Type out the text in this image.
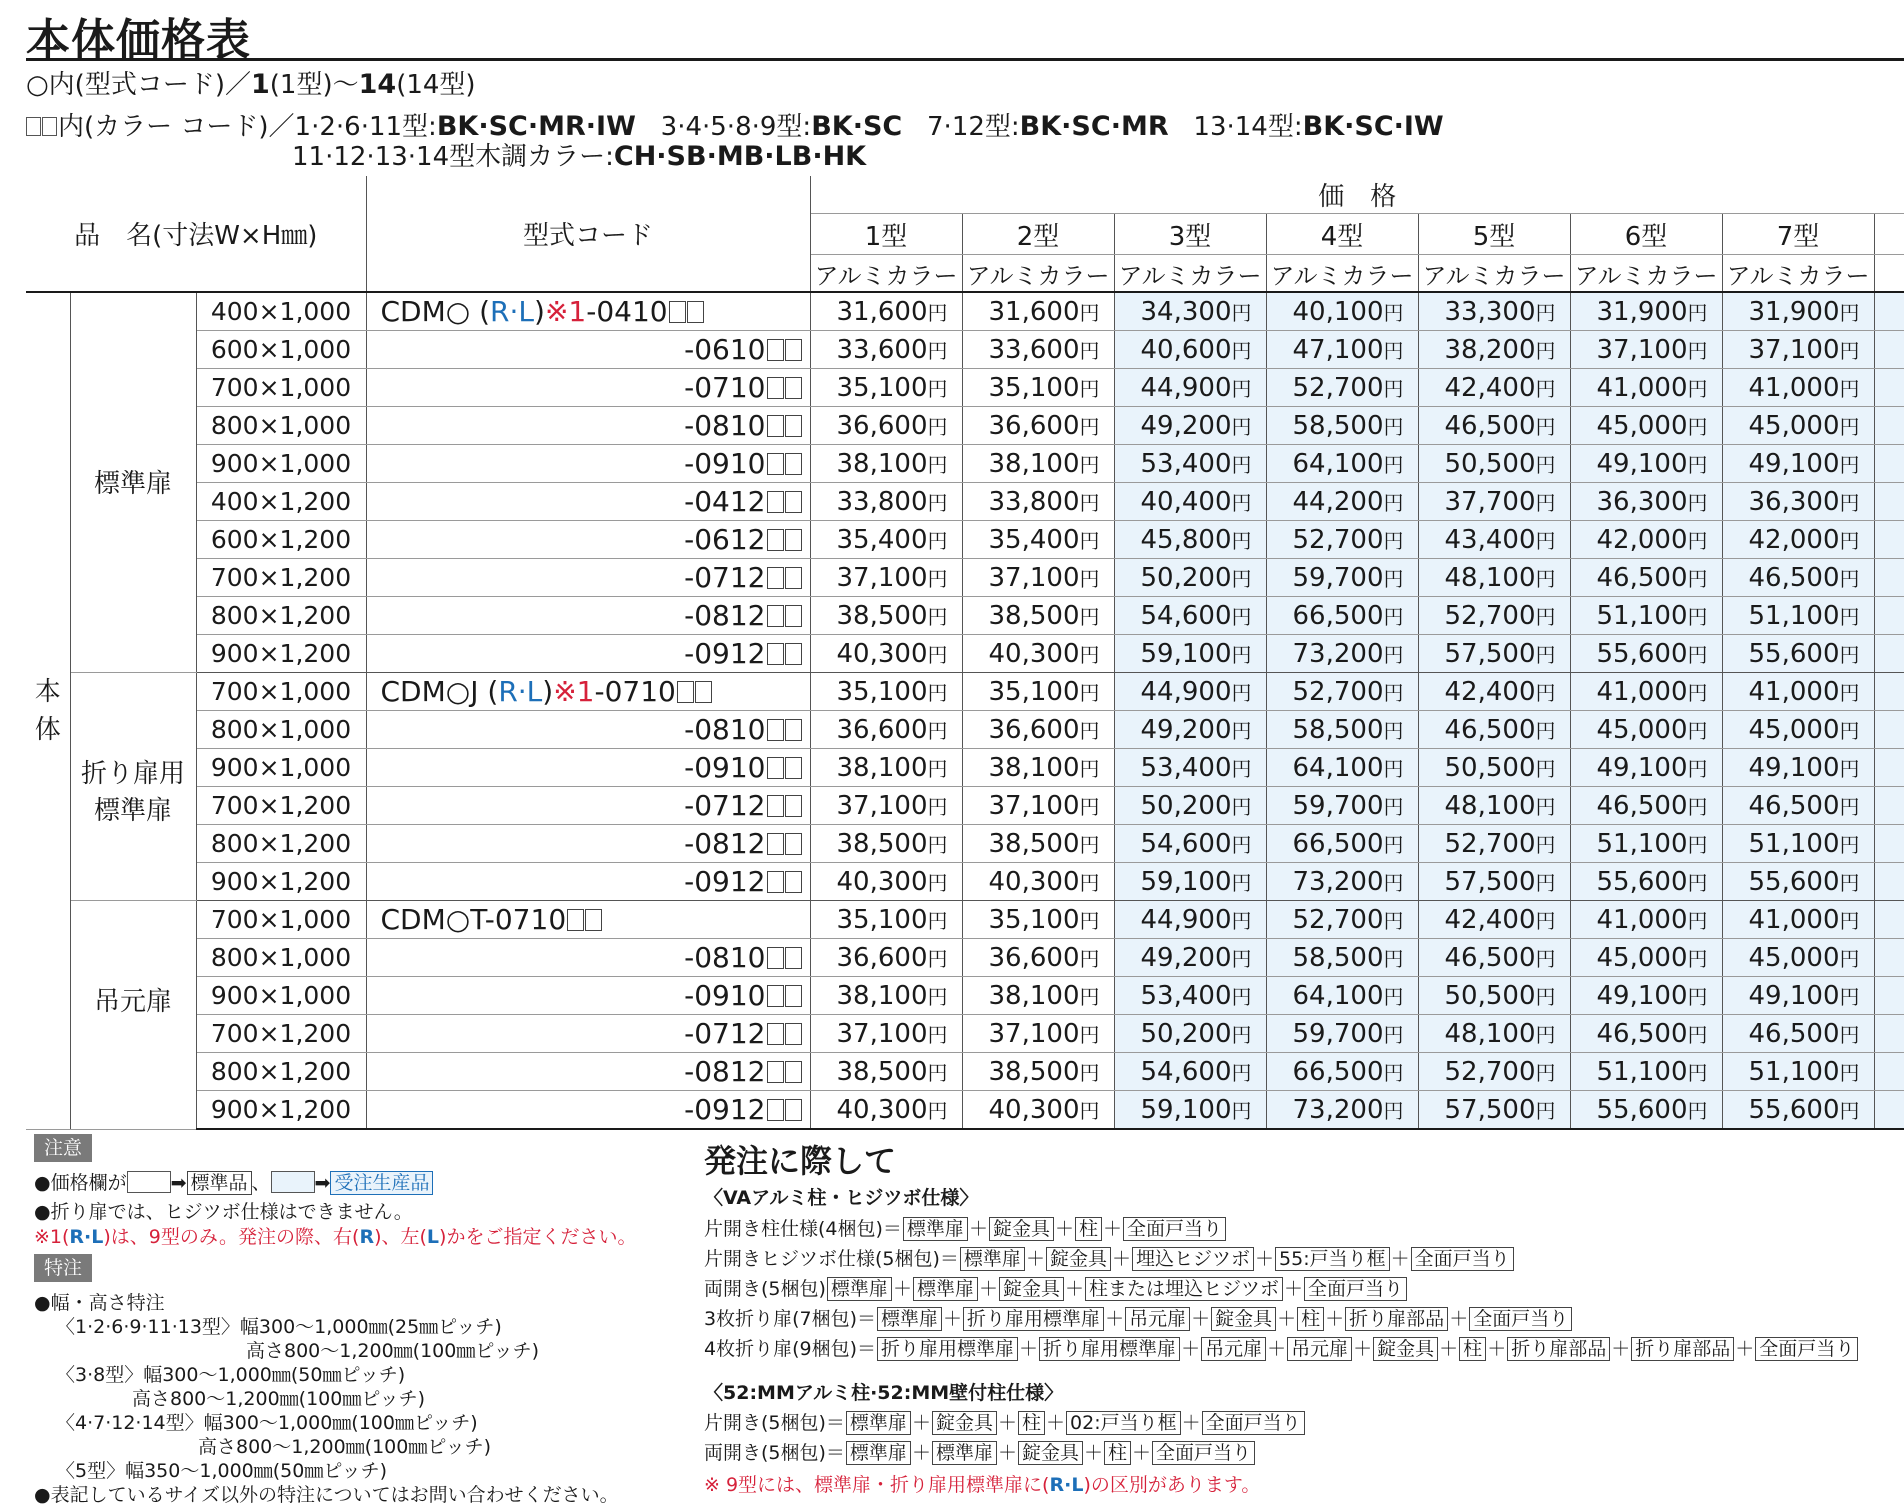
本体価格表
○内(型式コード)／1(1型)～14(14型)
内(カラー コード)／1·2·6·11型:BK·SC·MR·IW 3·4·5·8·9型:BK·SC 7·12型:BK·SC·MR 13·14型:BK·SC·IW
11·12·13·14型木調カラー:CH·SB·MB·LB·HK
品　名(寸法W×H㎜)			型式コード	価　格							
				1型	2型	3型	4型	5型	6型	7型	
				アルミカラー	アルミカラー	アルミカラー	アルミカラー	アルミカラー	アルミカラー	アルミカラー	
本
体	標準扉	400×1,000	CDM○ (R·L)※1-0410	31,600円	31,600円	34,300円	40,100円	33,300円	31,900円	31,900円	
		600×1,000	-0610	33,600円	33,600円	40,600円	47,100円	38,200円	37,100円	37,100円	
		700×1,000	-0710	35,100円	35,100円	44,900円	52,700円	42,400円	41,000円	41,000円	
		800×1,000	-0810	36,600円	36,600円	49,200円	58,500円	46,500円	45,000円	45,000円	
		900×1,000	-0910	38,100円	38,100円	53,400円	64,100円	50,500円	49,100円	49,100円	
		400×1,200	-0412	33,800円	33,800円	40,400円	44,200円	37,700円	36,300円	36,300円	
		600×1,200	-0612	35,400円	35,400円	45,800円	52,700円	43,400円	42,000円	42,000円	
		700×1,200	-0712	37,100円	37,100円	50,200円	59,700円	48,100円	46,500円	46,500円	
		800×1,200	-0812	38,500円	38,500円	54,600円	66,500円	52,700円	51,100円	51,100円	
		900×1,200	-0912	40,300円	40,300円	59,100円	73,200円	57,500円	55,600円	55,600円	
	折り扉用
標準扉	700×1,000	CDM○J (R·L)※1-0710	35,100円	35,100円	44,900円	52,700円	42,400円	41,000円	41,000円	
		800×1,000	-0810	36,600円	36,600円	49,200円	58,500円	46,500円	45,000円	45,000円	
		900×1,000	-0910	38,100円	38,100円	53,400円	64,100円	50,500円	49,100円	49,100円	
		700×1,200	-0712	37,100円	37,100円	50,200円	59,700円	48,100円	46,500円	46,500円	
		800×1,200	-0812	38,500円	38,500円	54,600円	66,500円	52,700円	51,100円	51,100円	
		900×1,200	-0912	40,300円	40,300円	59,100円	73,200円	57,500円	55,600円	55,600円	
	吊元扉	700×1,000	CDM○T-0710	35,100円	35,100円	44,900円	52,700円	42,400円	41,000円	41,000円	
		800×1,000	-0810	36,600円	36,600円	49,200円	58,500円	46,500円	45,000円	45,000円	
		900×1,000	-0910	38,100円	38,100円	53,400円	64,100円	50,500円	49,100円	49,100円	
		700×1,200	-0712	37,100円	37,100円	50,200円	59,700円	48,100円	46,500円	46,500円	
		800×1,200	-0812	38,500円	38,500円	54,600円	66,500円	52,700円	51,100円	51,100円	
		900×1,200	-0912	40,300円	40,300円	59,100円	73,200円	57,500円	55,600円	55,600円	
注意
●価格欄が ➡ 標準品 、 ➡ 受注生産品
●折り扉では、ヒジツボ仕様はできません。
※1(R·L)は、9型のみ。発注の際、右(R)、左(L)かをご指定ください。
特注
●幅・高さ特注
〈1·2·6·9·11·13型〉幅300～1,000㎜(25㎜ピッチ)
高さ800～1,200㎜(100㎜ピッチ)
〈3·8型〉幅300～1,000㎜(50㎜ピッチ)
高さ800～1,200㎜(100㎜ピッチ)
〈4·7·12·14型〉幅300～1,000㎜(100㎜ピッチ)
高さ800～1,200㎜(100㎜ピッチ)
〈5型〉幅350～1,000㎜(50㎜ピッチ)
●表記しているサイズ以外の特注についてはお問い合わせください。
発注に際して
〈VAアルミ柱・ヒジツボ仕様〉
片開き柱仕様(4梱包)＝ 標準扉 ＋ 錠金具 ＋ 柱 ＋ 全面戸当り
片開きヒジツボ仕様(5梱包)＝ 標準扉 ＋ 錠金具 ＋ 埋込ヒジツボ ＋ 55:戸当り框 ＋ 全面戸当り
両開き(5梱包) 標準扉 ＋ 標準扉 ＋ 錠金具 ＋ 柱または埋込ヒジツボ ＋ 全面戸当り
3枚折り扉(7梱包)＝ 標準扉 ＋ 折り扉用標準扉 ＋ 吊元扉 ＋ 錠金具 ＋ 柱 ＋ 折り扉部品 ＋ 全面戸当り
4枚折り扉(9梱包)＝ 折り扉用標準扉 ＋ 折り扉用標準扉 ＋ 吊元扉 ＋ 吊元扉 ＋ 錠金具 ＋ 柱 ＋ 折り扉部品 ＋ 折り扉部品 ＋ 全面戸当り
〈52:MMアルミ柱·52:MM壁付柱仕様〉
片開き(5梱包)＝ 標準扉 ＋ 錠金具 ＋ 柱 ＋ 02:戸当り框 ＋ 全面戸当り
両開き(5梱包)＝ 標準扉 ＋ 標準扉 ＋ 錠金具 ＋ 柱 ＋ 全面戸当り
※ 9型には、標準扉・折り扉用標準扉に(R·L)の区別があります。
